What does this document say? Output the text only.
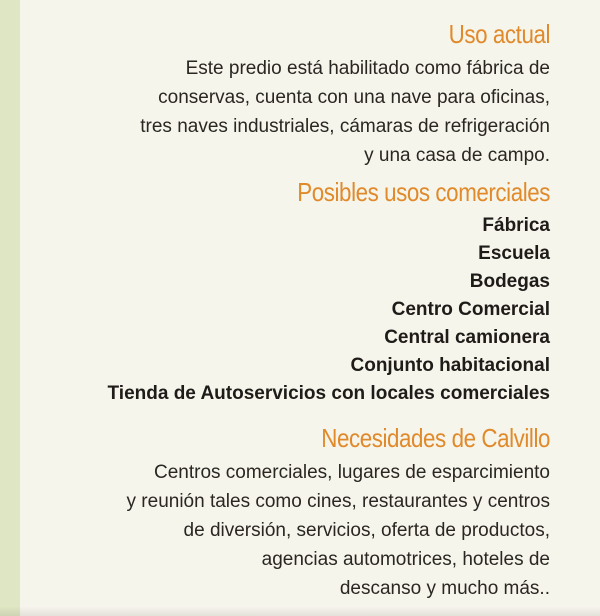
Uso actual

Este predio está habilitado como fábrica de
conservas, cuenta con una nave para oficinas,
tres naves industriales, cámaras de refrigeración
y una casa de campo.

Posibles usos comerciales
Fábrica
Escuela
Bodegas
Centro Comercial
Central camionera
Conjunto habitacional
Tienda de Autoservicios con locales comerciales
Necesidades de Calvillo

Centros comerciales, lugares de esparcimiento
y reunión tales como cines, restaurantes y centros
de diversión, servicios, oferta de productos,
agencias automotrices, hoteles de
descanso y mucho más..
